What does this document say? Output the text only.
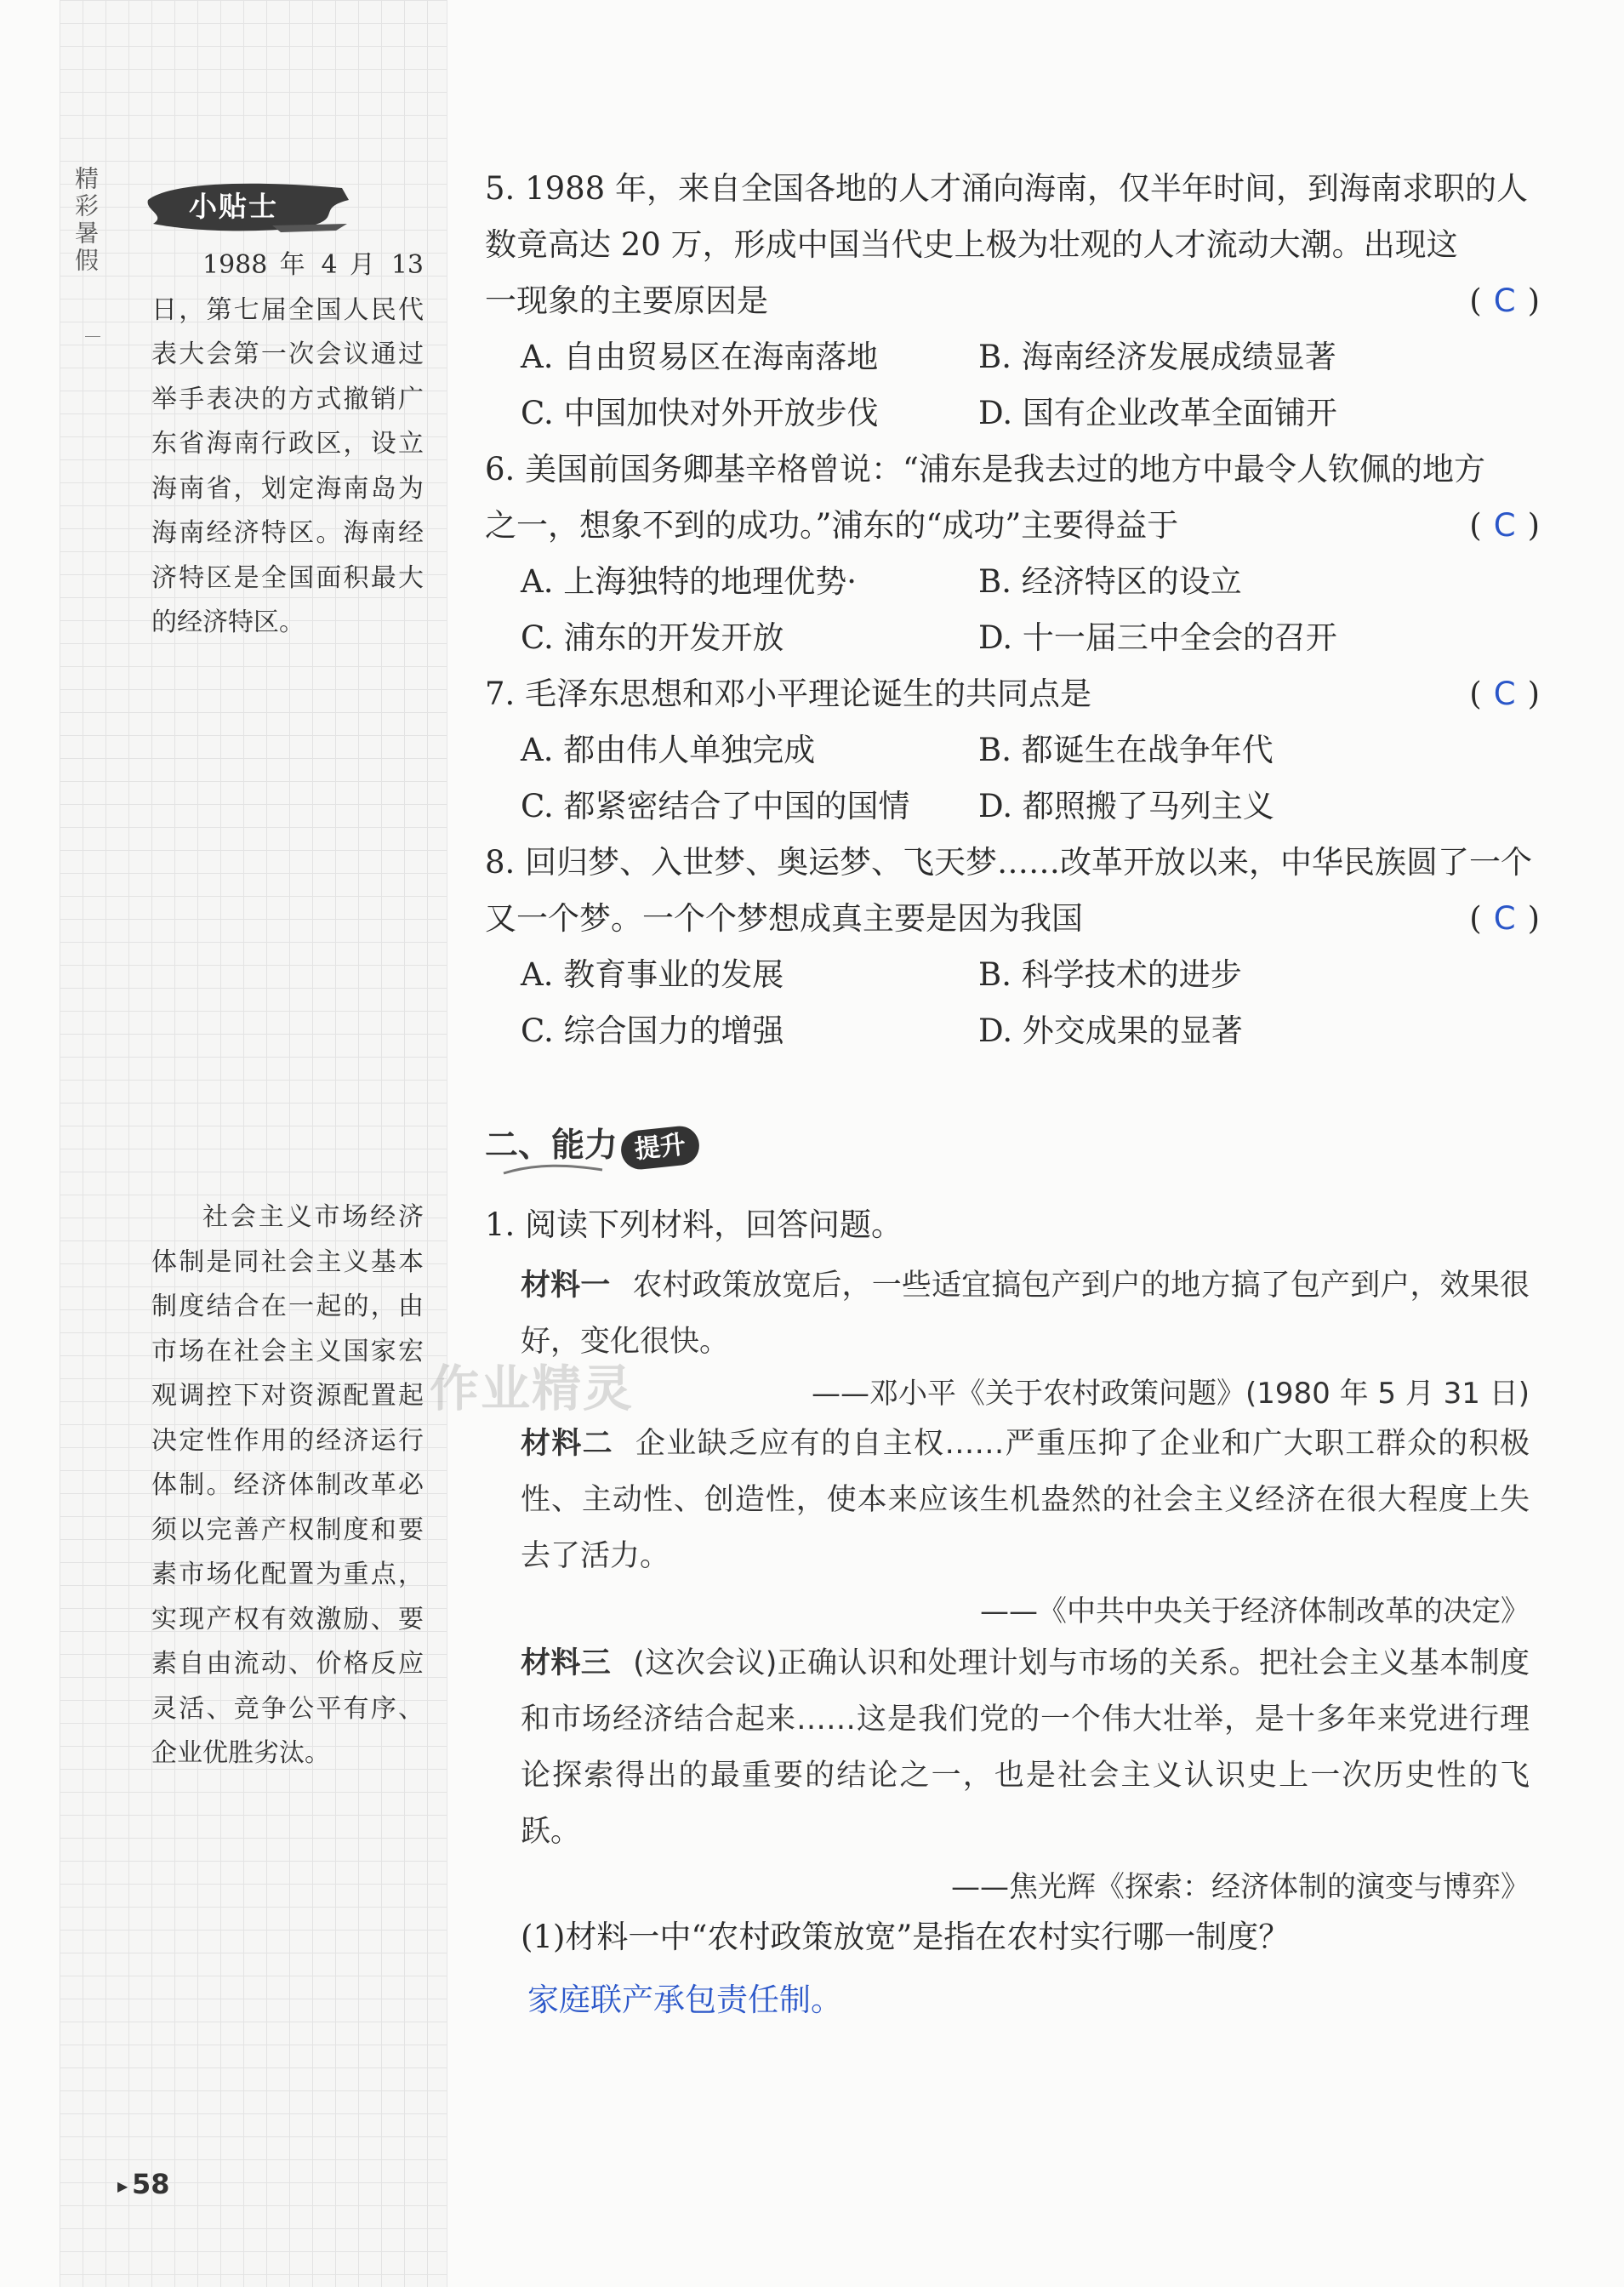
精彩暑假	小贴士

1988 年 4 月 13 日，第七届全国人民代表大会第一次会议通过举手表决的方式撤销广东省海南行政区，设立海南省，划定海南岛为海南经济特区。海南经济特区是全国面积最大的经济特区。

社会主义市场经济体制是同社会主义基本制度结合在一起的，由市场在社会主义国家宏观调控下对资源配置起决定性作用的经济运行体制。经济体制改革必须以完善产权制度和要素市场化配置为重点，实现产权有效激励、要素自由流动、价格反应灵活、竞争公平有序、企业优胜劣汰。

作业精灵
5. 1988 年，来自全国各地的人才涌向海南，仅半年时间，到海南求职的人
数竟高达 20 万，形成中国当代史上极为壮观的人才流动大潮。出现这
一现象的主要原因是	( C )
A. 自由贸易区在海南落地	B. 海南经济发展成绩显著
C. 中国加快对外开放步伐	D. 国有企业改革全面铺开
6. 美国前国务卿基辛格曾说：“浦东是我去过的地方中最令人钦佩的地方
之一，想象不到的成功。”浦东的“成功”主要得益于	( C )
A. 上海独特的地理优势·	B. 经济特区的设立
C. 浦东的开发开放	D. 十一届三中全会的召开
7. 毛泽东思想和邓小平理论诞生的共同点是	( C )
A. 都由伟人单独完成	B. 都诞生在战争年代
C. 都紧密结合了中国的国情 D. 都照搬了马列主义
8. 回归梦、入世梦、奥运梦、飞天梦……改革开放以来，中华民族圆了一个
又一个梦。一个个梦想成真主要是因为我国	( C )
A. 教育事业的发展	B. 科学技术的进步
C. 综合国力的增强	D. 外交成果的显著
二、能力 提升
1. 阅读下列材料，回答问题。

材料一 农村政策放宽后，一些适宜搞包产到户的地方搞了包产到户，效果很好，变化很快。

——邓小平《关于农村政策问题》(1980 年 5 月 31 日)

材料二 企业缺乏应有的自主权……严重压抑了企业和广大职工群众的积极性、主动性、创造性，使本来应该生机盎然的社会主义经济在很大程度上失去了活力。

——《中共中央关于经济体制改革的决定》

材料三 (这次会议)正确认识和处理计划与市场的关系。把社会主义基本制度和市场经济结合起来……这是我们党的一个伟大壮举，是十多年来党进行理论探索得出的最重要的结论之一，也是社会主义认识史上一次历史性的飞跃。

——焦光辉《探索：经济体制的演变与博弈》
(1)材料一中“农村政策放宽”是指在农村实行哪一制度？
家庭联产承包责任制。
▶ 58
